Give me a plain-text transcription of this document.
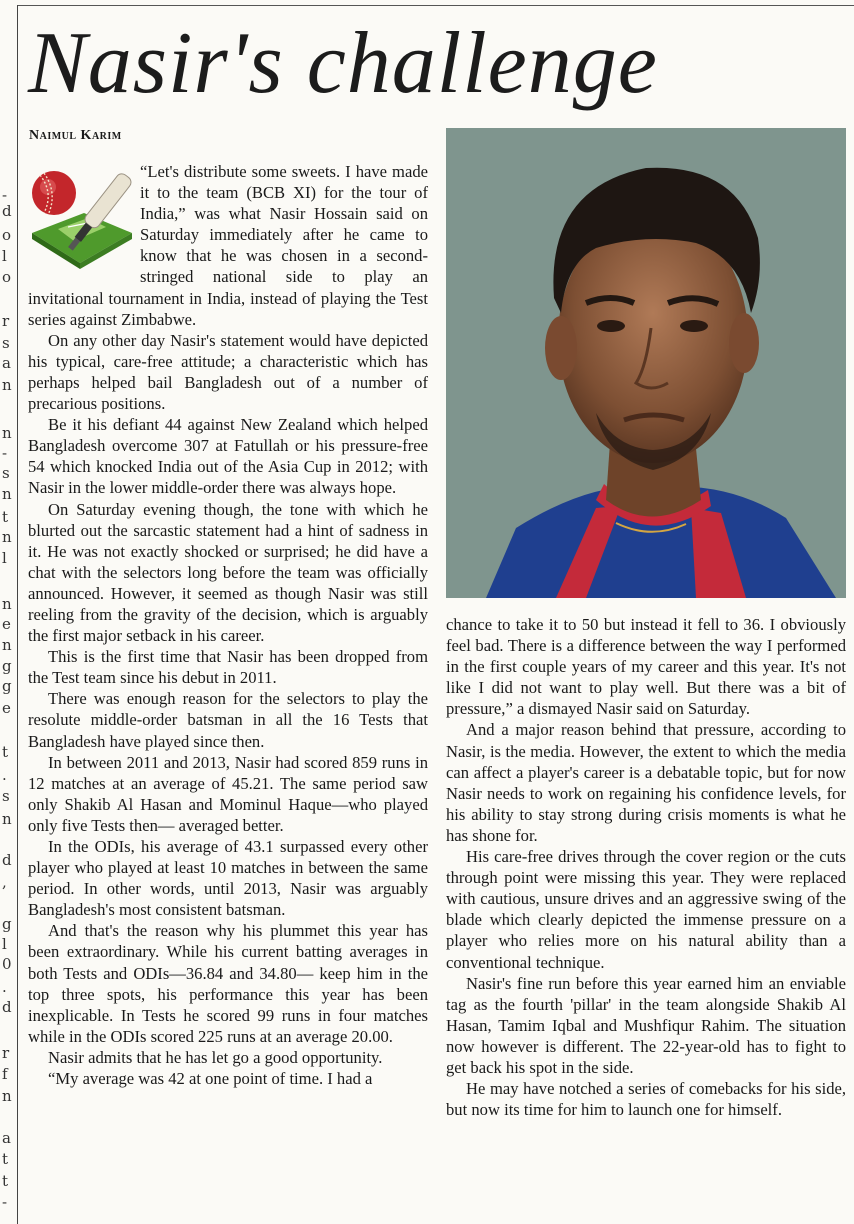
-
d
o
l
o
r
s
a
n
n
-
s
n
t
n
l
n
e
n
g
g
e
t
.
s
n
d
,
g
l
0
.
d
r
f
n
a
t
t
-
Nasir's challenge
Naimul Karim

“Let's distribute some sweets. I have made it to the team (BCB XI) for the tour of India,” was what Nasir Hossain said on Saturday immediately after he came to know that he was chosen in a second-stringed national side to play an invitational tournament in India, instead of playing the Test series against Zimbabwe.

On any other day Nasir's statement would have depicted his typical, care-free attitude; a characteristic which has perhaps helped bail Bangladesh out of a number of precarious positions.

Be it his defiant 44 against New Zealand which helped Bangladesh overcome 307 at Fatullah or his pressure-free 54 which knocked India out of the Asia Cup in 2012; with Nasir in the lower middle-order there was always hope.

On Saturday evening though, the tone with which he blurted out the sarcastic statement had a hint of sadness in it. He was not exactly shocked or surprised; he did have a chat with the selectors long before the team was officially announced. However, it seemed as though Nasir was still reeling from the gravity of the decision, which is arguably the first major setback in his career.

This is the first time that Nasir has been dropped from the Test team since his debut in 2011.

There was enough reason for the selectors to play the resolute middle-order batsman in all the 16 Tests that Bangladesh have played since then.

In between 2011 and 2013, Nasir had scored 859 runs in 12 matches at an average of 45.21. The same period saw only Shakib Al Hasan and Mominul Haque—who played only five Tests then— averaged better.

In the ODIs, his average of 43.1 surpassed every other player who played at least 10 matches in between the same period. In other words, until 2013, Nasir was arguably Bangladesh's most consistent batsman.

And that's the reason why his plummet this year has been extraordinary. While his current batting averages in both Tests and ODIs—36.84 and 34.80— keep him in the top three spots, his performance this year has been inexplicable. In Tests he scored 99 runs in four matches while in the ODIs scored 225 runs at an average 20.00.

Nasir admits that he has let go a good opportunity.

“My average was 42 at one point of time. I had a

chance to take it to 50 but instead it fell to 36. I obviously feel bad. There is a difference between the way I performed in the first couple years of my career and this year. It's not like I did not want to play well. But there was a bit of pressure,” a dismayed Nasir said on Saturday.

And a major reason behind that pressure, according to Nasir, is the media. However, the extent to which the media can affect a player's career is a debatable topic, but for now Nasir needs to work on regaining his confidence levels, for his ability to stay strong during crisis moments is what he has shone for.

His care-free drives through the cover region or the cuts through point were missing this year. They were replaced with cautious, unsure drives and an aggressive swing of the blade which clearly depicted the immense pressure on a player who relies more on his natural ability than a conventional technique.

Nasir's fine run before this year earned him an enviable tag as the fourth 'pillar' in the team alongside Shakib Al Hasan, Tamim Iqbal and Mushfiqur Rahim. The situation now however is different. The 22-year-old has to fight to get back his spot in the side.

He may have notched a series of comebacks for his side, but now its time for him to launch one for himself.
